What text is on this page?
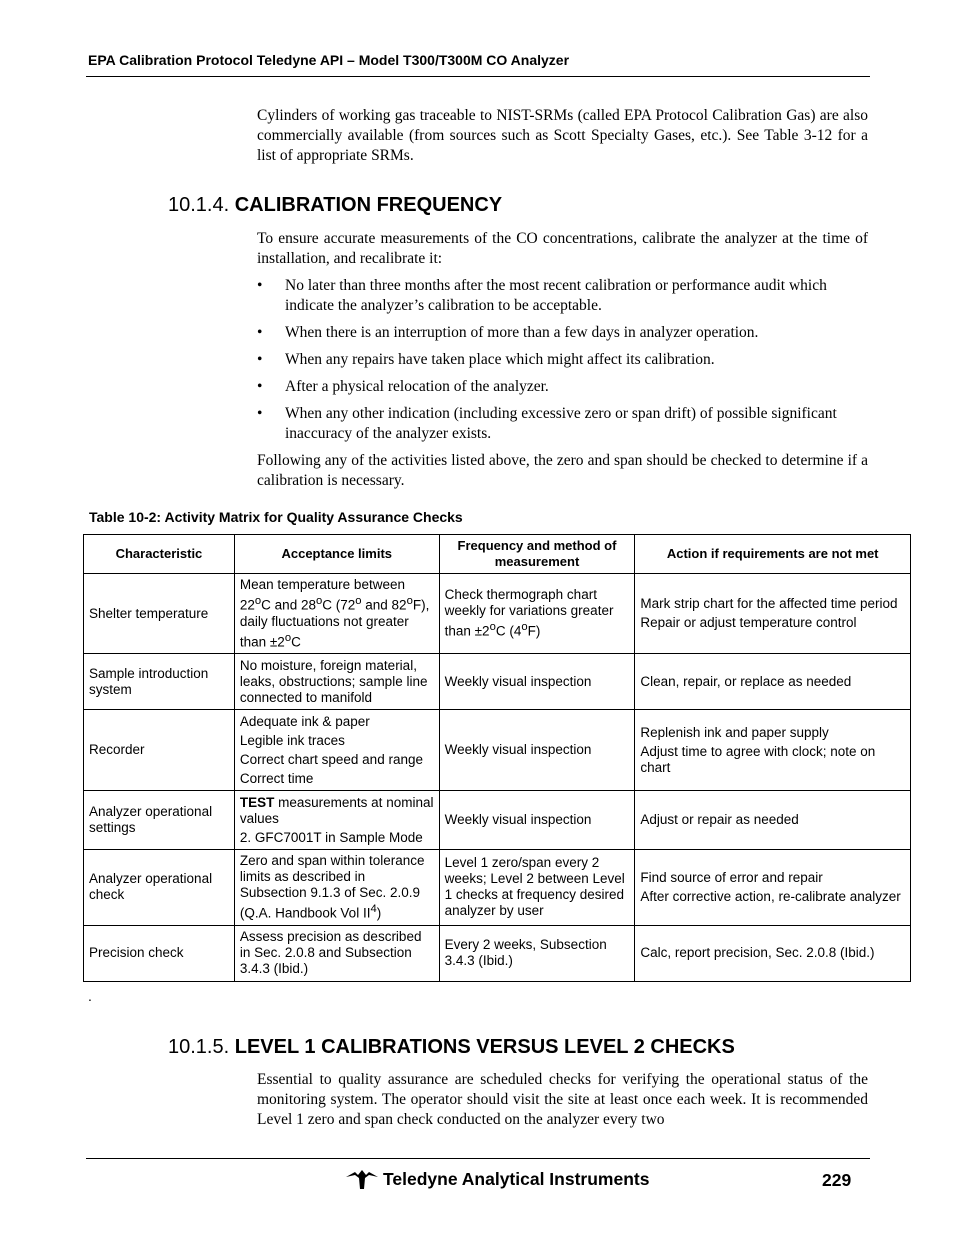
EPA Calibration Protocol Teledyne API – Model T300/T300M CO Analyzer
Cylinders of working gas traceable to NIST-SRMs (called EPA Protocol Calibration Gas) are also commercially available (from sources such as Scott Specialty Gases, etc.). See Table 3-12 for a list of appropriate SRMs.
10.1.4. CALIBRATION FREQUENCY
To ensure accurate measurements of the CO concentrations, calibrate the analyzer at the time of installation, and recalibrate it:
• No later than three months after the most recent calibration or performance audit which indicate the analyzer’s calibration to be acceptable.
• When there is an interruption of more than a few days in analyzer operation.
• When any repairs have taken place which might affect its calibration.
• After a physical relocation of the analyzer.
• When any other indication (including excessive zero or span drift) of possible significant inaccuracy of the analyzer exists.
Following any of the activities listed above, the zero and span should be checked to determine if a calibration is necessary.
Table 10-2: Activity Matrix for Quality Assurance Checks
Characteristic	Acceptance limits	Frequency and method of measurement	Action if requirements are not met
Shelter temperature	Mean temperature between 22$^o$C and 28$^o$C (72$^o$ and 82$^o$F), daily fluctuations not greater than $\pm 2^oC$	Check thermograph chart weekly for variations greater than $\pm 2^oC$ (4$^o$F)	Mark strip chart for the affected time period
Repair or adjust temperature control

Sample introduction system	No moisture, foreign material, leaks, obstructions; sample line connected to manifold	Weekly visual inspection	Clean, repair, or replace as needed
Recorder	Adequate ink & paper
Legible ink traces
Correct chart speed and range
Correct time	Weekly visual inspection	Replenish ink and paper supply
Adjust time to agree with clock; note on chart

Analyzer operational settings	TEST measurements at nominal values
2. GFC7001T in Sample Mode	Weekly visual inspection	Adjust or repair as needed
Analyzer operational check	Zero and span within tolerance limits as described in Subsection 9.1.3 of Sec. 2.0.9 (Q.A. Handbook Vol $II^4$)	Level 1 zero/span every 2 weeks; Level 2 between Level 1 checks at frequency desired analyzer by user	Find source of error and repair
After corrective action, re-calibrate analyzer

Precision check	Assess precision as described in Sec. 2.0.8 and Subsection 3.4.3 (Ibid.)	Every 2 weeks, Subsection 3.4.3 (Ibid.)	Calc, report precision, Sec. 2.0.8 (Ibid.)
.
10.1.5. LEVEL 1 CALIBRATIONS VERSUS LEVEL 2 CHECKS
Essential to quality assurance are scheduled checks for verifying the operational status of the monitoring system. The operator should visit the site at least once each week. It is recommended Level 1 zero and span check conducted on the analyzer every two
Teledyne Analytical Instruments	229
